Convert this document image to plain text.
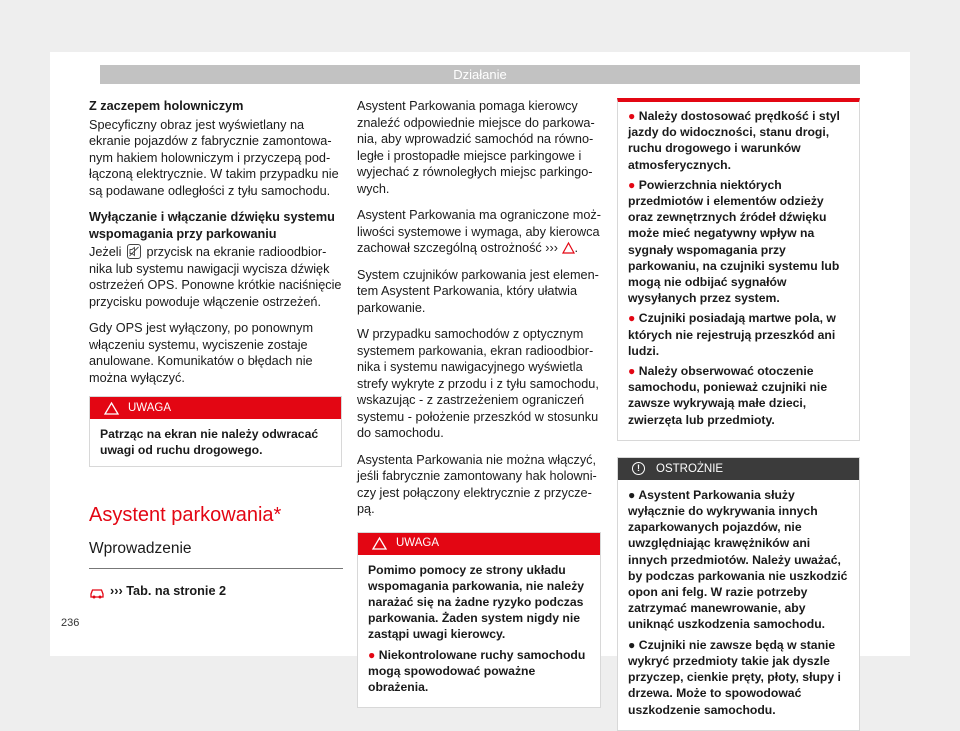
Działanie

Z zaczepem holowniczym

Specyficzny obraz jest wyświetlany na ekranie pojazdów z fabrycznie zamontowanym hakiem holowniczym i przyczepą podłączoną elektrycznie. W takim przypadku nie są podawane odległości z tyłu samochodu.

Wyłączanie i włączanie dźwięku systemu wspomagania przy parkowaniu

Jeżeli przycisk na ekranie radioodbiornika lub systemu nawigacji wycisza dźwięk ostrzeżeń OPS. Ponowne krótkie naciśnięcie przycisku powoduje włączenie ostrzeżeń.

Gdy OPS jest wyłączony, po ponownym włączeniu systemu, wyciszenie zostaje anulowane. Komunikatów o błędach nie można wyłączyć.

UWAGA
Patrząc na ekran nie należy odwracać uwagi od ruchu drogowego.
Asystent parkowania*
Wprowadzenie
››› Tab. na stronie 2

Asystent Parkowania pomaga kierowcy znaleźć odpowiednie miejsce do parkowania, aby wprowadzić samochód na równoległe i prostopadłe miejsce parkingowe i wyjechać z równoległych miejsc parkingowych.

Asystent Parkowania ma ograniczone możliwości systemowe i wymaga, aby kierowca zachował szczególną ostrożność ››› .

System czujników parkowania jest elementem Asystent Parkowania, który ułatwia parkowanie.

W przypadku samochodów z optycznym systemem parkowania, ekran radioodbiornika i systemu nawigacyjnego wyświetla strefy wykryte z przodu i z tyłu samochodu, wskazując - z zastrzeżeniem ograniczeń systemu - położenie przeszkód w stosunku do samochodu.

Asystenta Parkowania nie można włączyć, jeśli fabrycznie zamontowany hak holowniczy jest połączony elektrycznie z przyczepą.

UWAGA
Pomimo pomocy ze strony układu wspomagania parkowania, nie należy narażać się na żadne ryzyko podczas parkowania. Żaden system nigdy nie zastąpi uwagi kierowcy.
● Niekontrolowane ruchy samochodu mogą spowodować poważne obrażenia.
● Należy dostosować prędkość i styl jazdy do widoczności, stanu drogi, ruchu drogowego i warunków atmosferycznych.
● Powierzchnia niektórych przedmiotów i elementów odzieży oraz zewnętrznych źródeł dźwięku może mieć negatywny wpływ na sygnały wspomagania przy parkowaniu, na czujniki systemu lub mogą nie odbijać sygnałów wysyłanych przez system.
● Czujniki posiadają martwe pola, w których nie rejestrują przeszkód ani ludzi.
● Należy obserwować otoczenie samochodu, ponieważ czujniki nie zawsze wykrywają małe dzieci, zwierzęta lub przedmioty.
!	OSTROŻNIE
● Asystent Parkowania służy wyłącznie do wykrywania innych zaparkowanych pojazdów, nie uwzględniając krawężników ani innych przedmiotów. Należy uważać, by podczas parkowania nie uszkodzić opon ani felg. W razie potrzeby zatrzymać manewrowanie, aby uniknąć uszkodzenia samochodu.
● Czujniki nie zawsze będą w stanie wykryć przedmioty takie jak dyszle przyczep, cienkie pręty, płoty, słupy i drzewa. Może to spowodować uszkodzenie samochodu.
236
